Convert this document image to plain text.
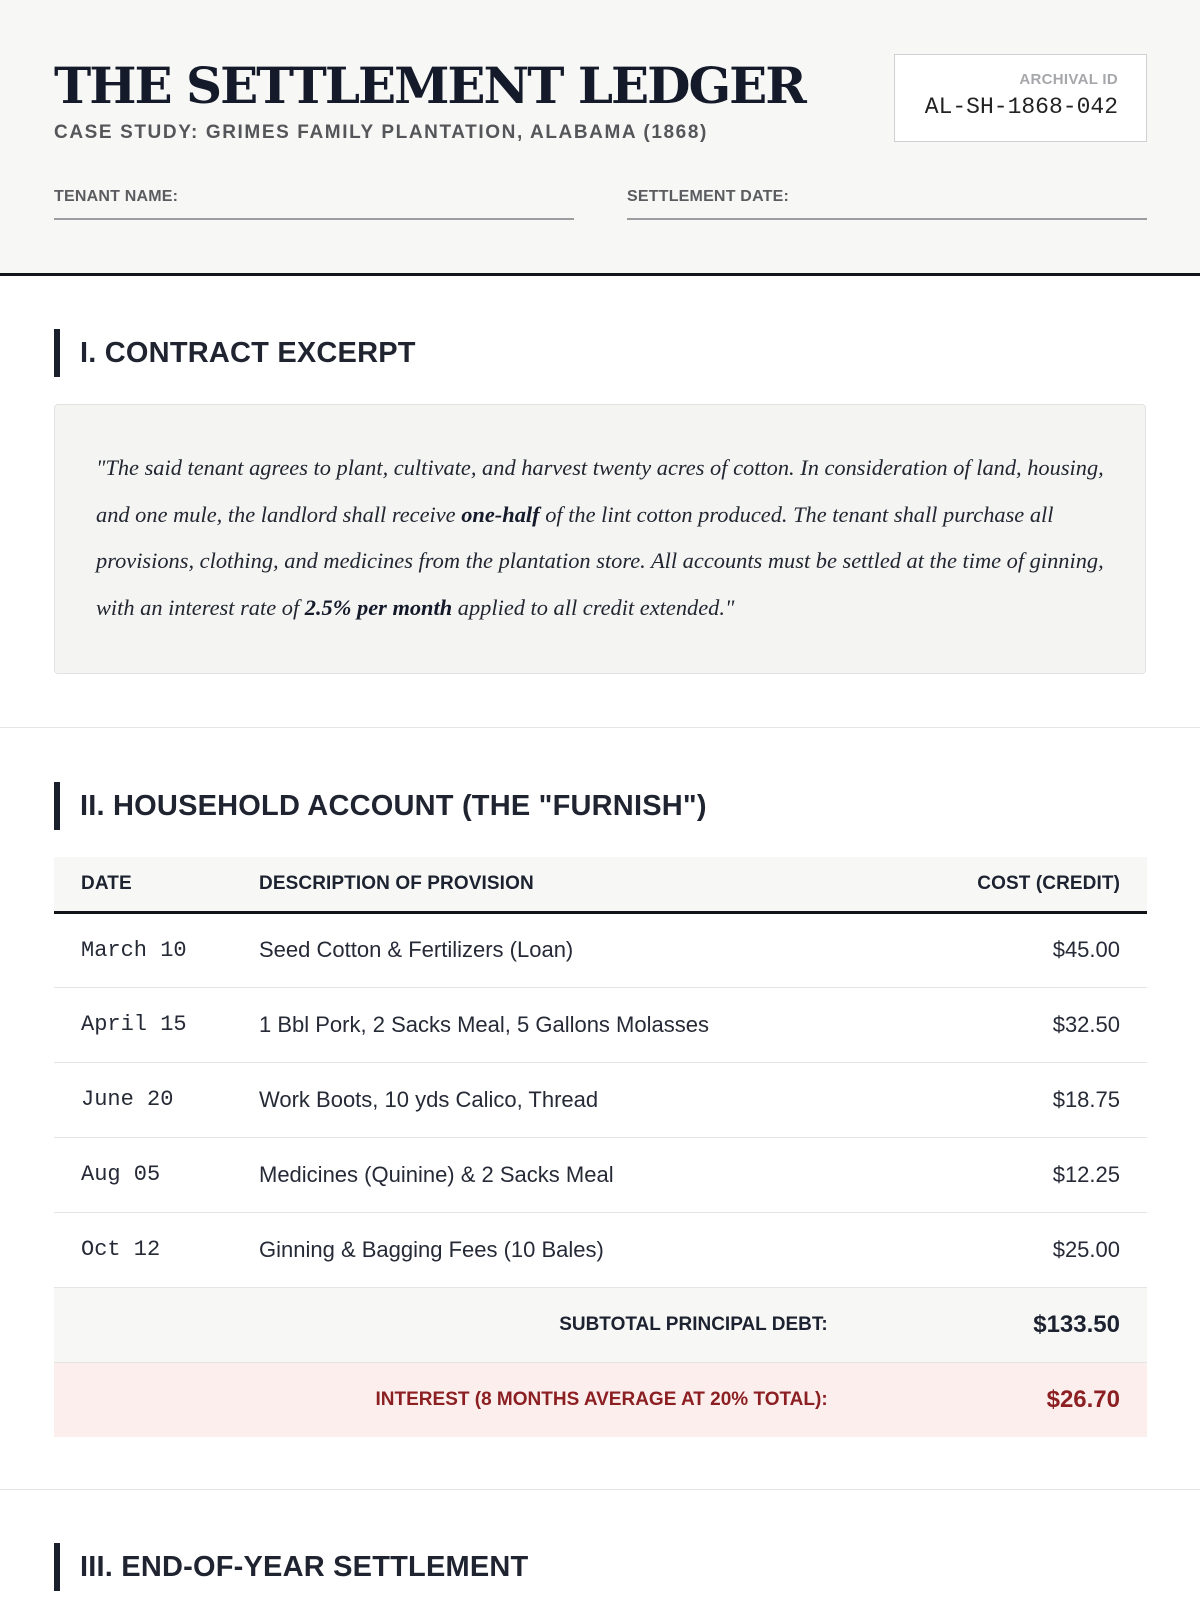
THE SETTLEMENT LEDGER
CASE STUDY: GRIMES FAMILY PLANTATION, ALABAMA (1868)
ARCHIVAL ID
AL-SH-1868-042
TENANT NAME:	SETTLEMENT DATE:
I. CONTRACT EXCERPT
"The said tenant agrees to plant, cultivate, and harvest twenty acres of cotton. In consideration of land, housing, and one mule, the landlord shall receive one-half of the lint cotton produced. The tenant shall purchase all provisions, clothing, and medicines from the plantation store. All accounts must be settled at the time of ginning, with an interest rate of 2.5% per month applied to all credit extended."
II. HOUSEHOLD ACCOUNT (THE "FURNISH")
DATE	DESCRIPTION OF PROVISION	COST (CREDIT)
March 10	Seed Cotton & Fertilizers (Loan)	$45.00
April 15	1 Bbl Pork, 2 Sacks Meal, 5 Gallons Molasses	$32.50
June 20	Work Boots, 10 yds Calico, Thread	$18.75
Aug 05	Medicines (Quinine) & 2 Sacks Meal	$12.25
Oct 12	Ginning & Bagging Fees (10 Bales)	$25.00
SUBTOTAL PRINCIPAL DEBT:		$133.50
INTEREST (8 MONTHS AVERAGE AT 20% TOTAL):		$26.70
III. END-OF-YEAR SETTLEMENT
